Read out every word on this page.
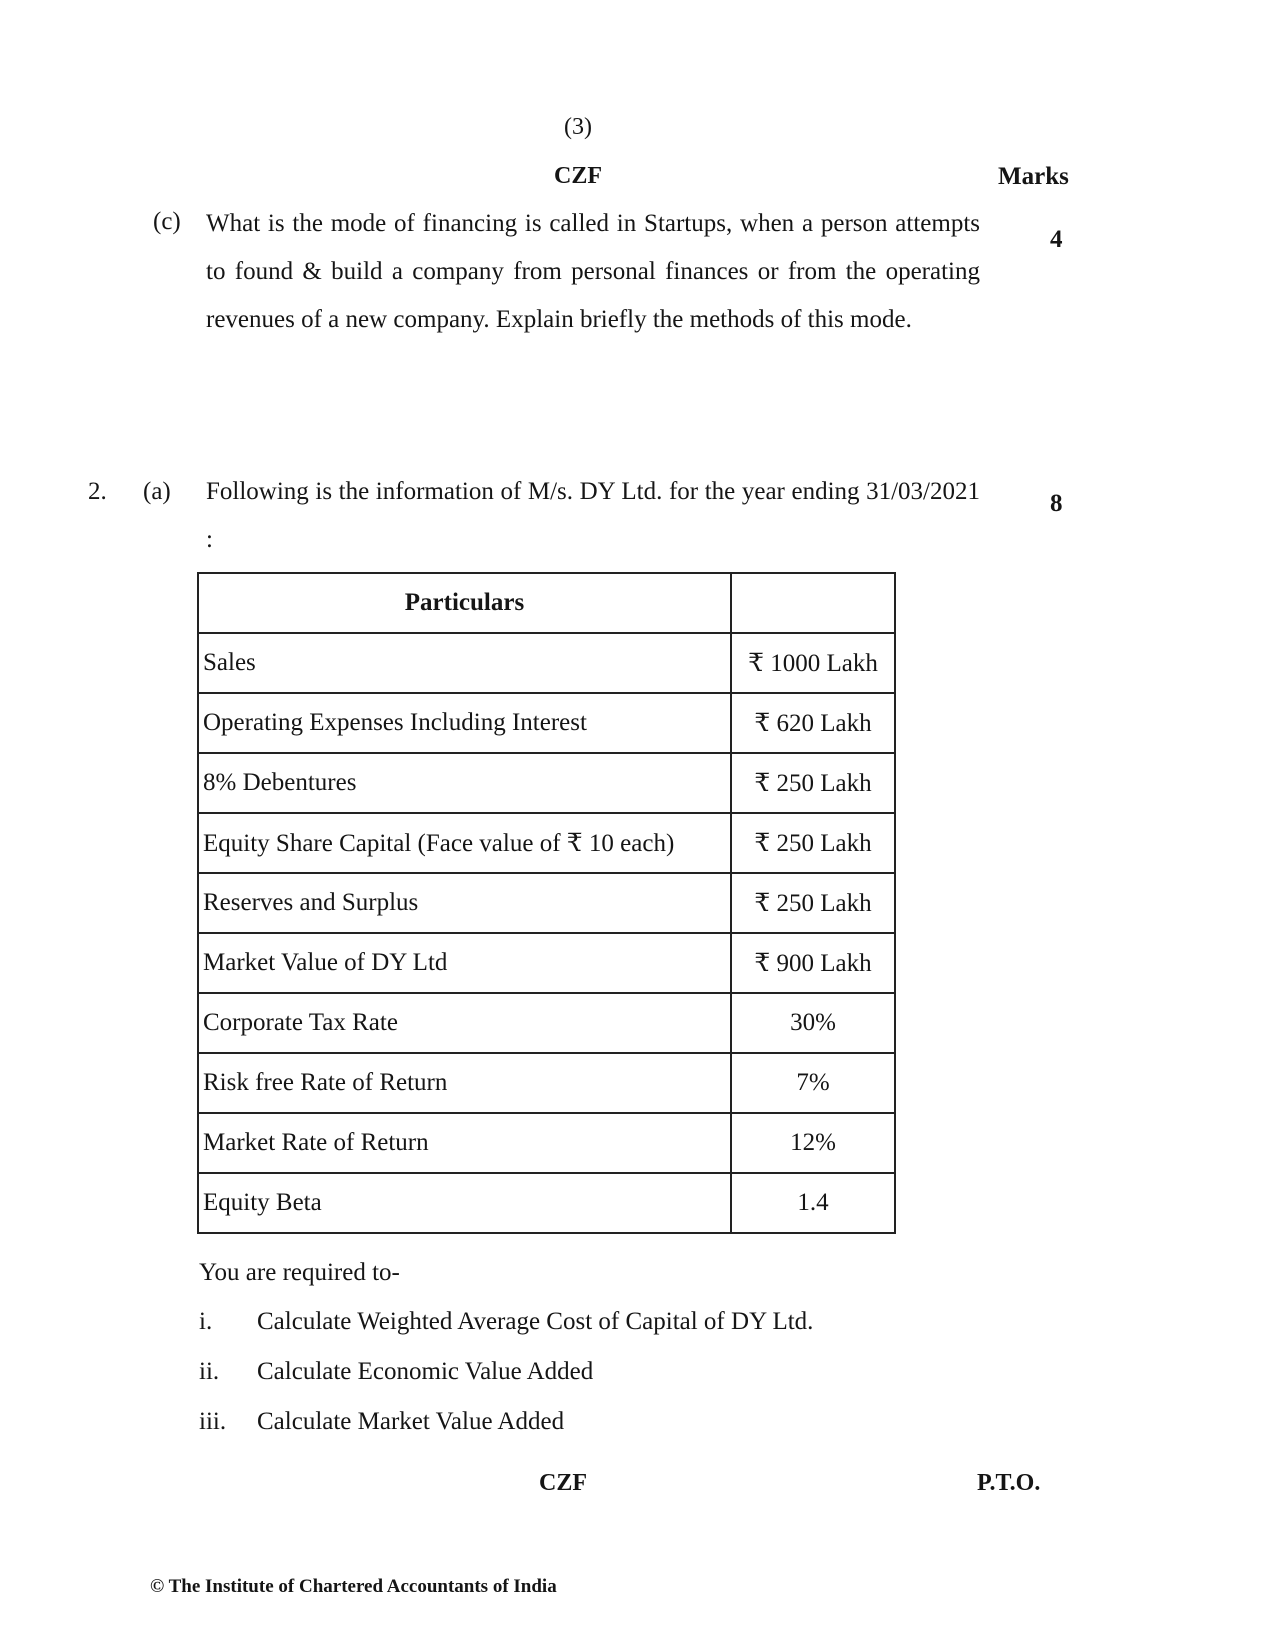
(3)
CZF	Marks
(c) What is the mode of financing is called in Startups, when a person attempts to found & build a company from personal finances or from the operating revenues of a new company. Explain briefly the methods of this mode.
4
2. (a) Following is the information of M/s. DY Ltd. for the year ending 31/03/2021 :
8
Particulars	
Sales	₹ 1000 Lakh
Operating Expenses Including Interest	₹ 620 Lakh
8% Debentures	₹ 250 Lakh
Equity Share Capital (Face value of ₹ 10 each)	₹ 250 Lakh
Reserves and Surplus	₹ 250 Lakh
Market Value of DY Ltd	₹ 900 Lakh
Corporate Tax Rate	30%
Risk free Rate of Return	7%
Market Rate of Return	12%
Equity Beta	1.4
You are required to-
i. Calculate Weighted Average Cost of Capital of DY Ltd.
ii. Calculate Economic Value Added
iii. Calculate Market Value Added
CZF	P.T.O.
© The Institute of Chartered Accountants of India
